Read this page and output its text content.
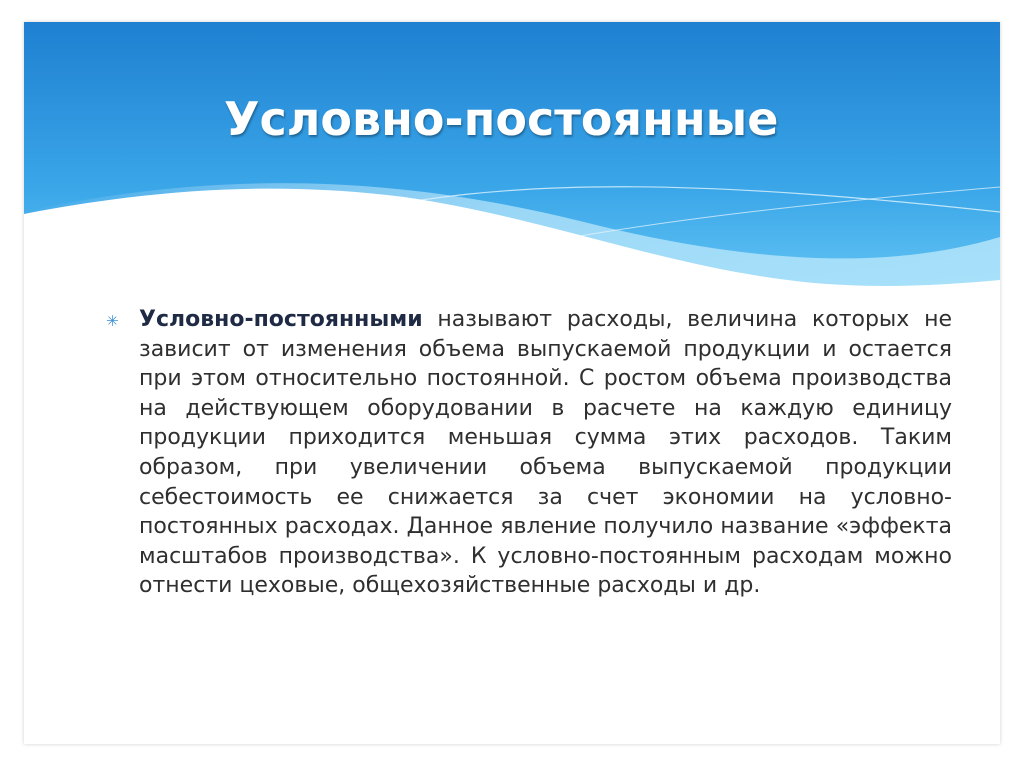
Условно-постоянные
✳ Условно-постоянными называют расходы, величина которых не зависит от изменения объема выпускаемой продукции и остается при этом относительно постоянной. С ростом объема производства на действующем оборудовании в расчете на каждую единицу продукции приходится меньшая сумма этих расходов. Таким образом, при увеличении объема выпускаемой продукции себестоимость ее снижается за счет экономии на условно-постоянных расходах. Данное явление получило название «эффекта масштабов производства». К условно-постоянным расходам можно отнести цеховые, общехозяйственные расходы и др.
